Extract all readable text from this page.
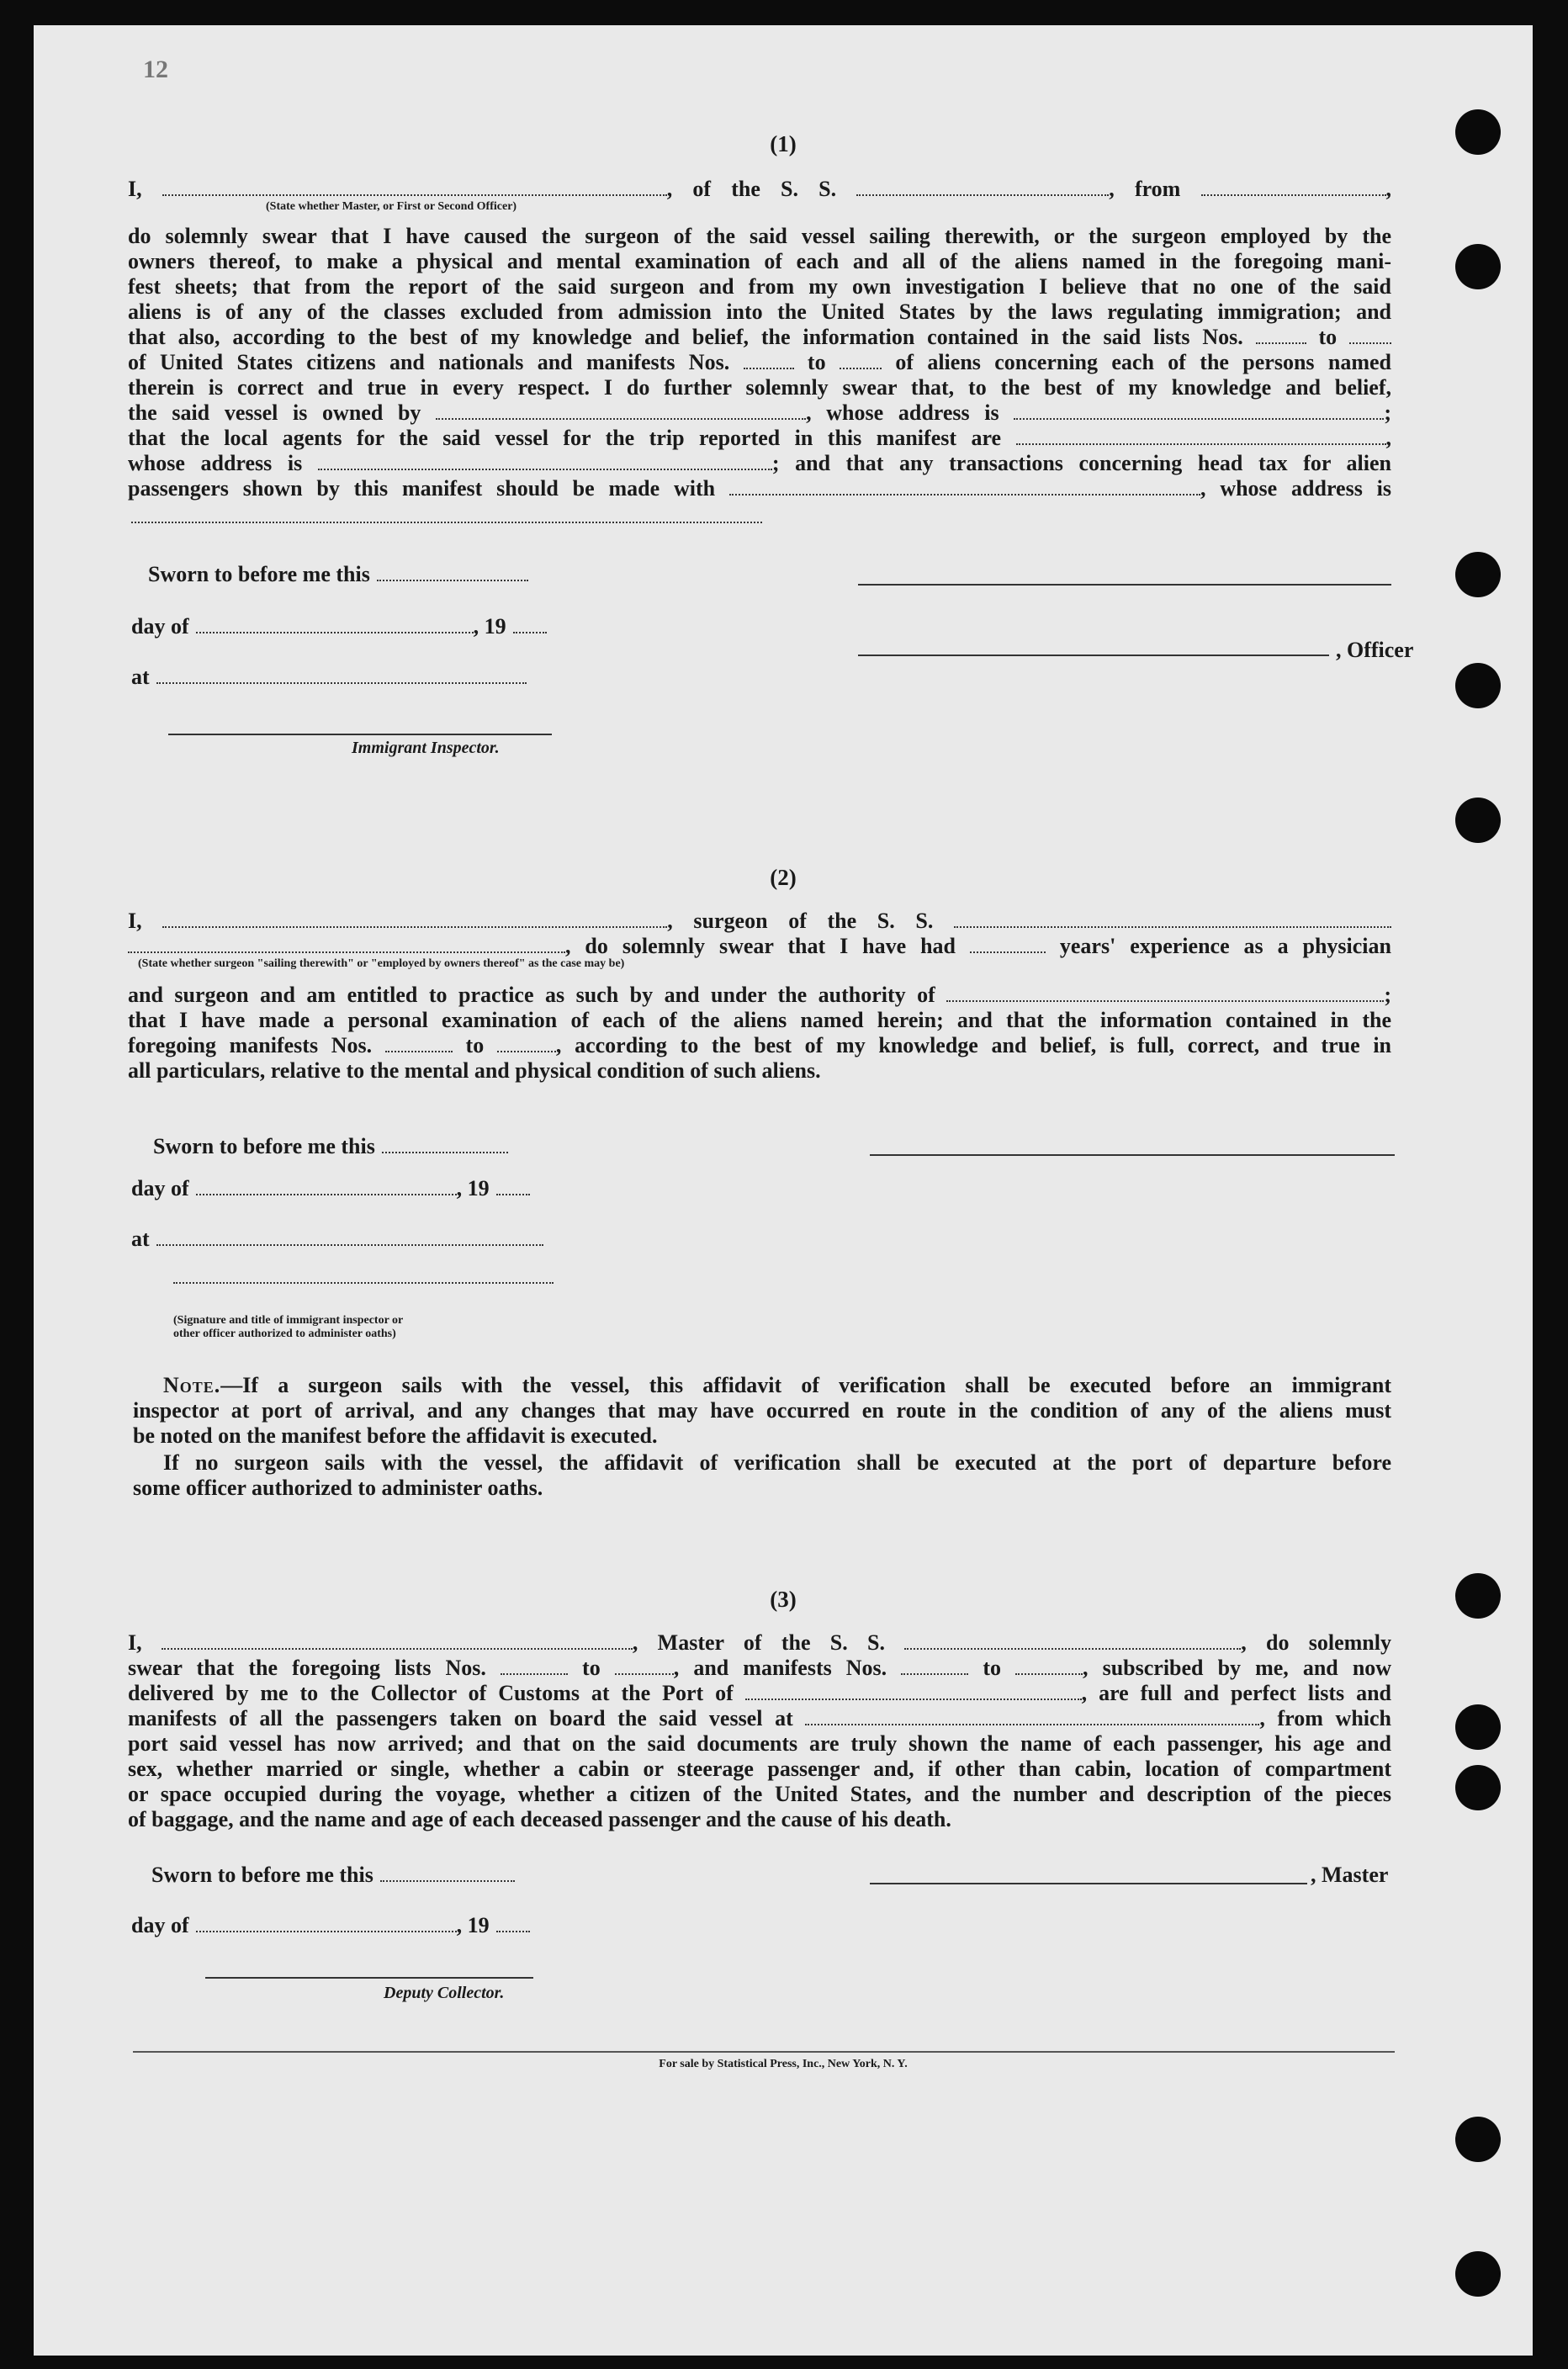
12
(1)
I,	, of the S. S.	, from	,
(State whether Master, or First or Second Officer)
do solemnly swear that I have caused the surgeon of the said vessel sailing therewith, or the surgeon employed by the
owners thereof, to make a physical and mental examination of each and all of the aliens named in the foregoing mani-
fest sheets; that from the report of the said surgeon and from my own investigation I believe that no one of the said
aliens is of any of the classes excluded from admission into the United States by the laws regulating immigration; and
that also, according to the best of my knowledge and belief, the information contained in the said lists Nos.	to
of United States citizens and nationals and manifests Nos.	to	of aliens concerning each of the persons named
therein is correct and true in every respect. I do further solemnly swear that, to the best of my knowledge and belief,
the said vessel is owned by	, whose address is	;
that the local agents for the said vessel for the trip reported in this manifest are	,
whose address is	; and that any transactions concerning head tax for alien
passengers shown by this manifest should be made with	, whose address is
Sworn to before me this
day of	, 19
, Officer
at
Immigrant Inspector.
(2)
I,	, surgeon of the S. S.
, do solemnly swear that I have had	years' experience as a physician
(State whether surgeon "sailing therewith" or "employed by owners thereof" as the case may be)
and surgeon and am entitled to practice as such by and under the authority of	;
that I have made a personal examination of each of the aliens named herein; and that the information contained in the
foregoing manifests Nos.	to	, according to the best of my knowledge and belief, is full, correct, and true in
all particulars, relative to the mental and physical condition of such aliens.
Sworn to before me this
day of	, 19
at
(Signature and title of immigrant inspector or
other officer authorized to administer oaths)
Note.—If a surgeon sails with the vessel, this affidavit of verification shall be executed before an immigrant
inspector at port of arrival, and any changes that may have occurred en route in the condition of any of the aliens must
be noted on the manifest before the affidavit is executed.
If no surgeon sails with the vessel, the affidavit of verification shall be executed at the port of departure before
some officer authorized to administer oaths.
(3)
I,	, Master of the S. S.	, do solemnly
swear that the foregoing lists Nos.	to	, and manifests Nos.	to	, subscribed by me, and now
delivered by me to the Collector of Customs at the Port of	, are full and perfect lists and
manifests of all the passengers taken on board the said vessel at	, from which
port said vessel has now arrived; and that on the said documents are truly shown the name of each passenger, his age and
sex, whether married or single, whether a cabin or steerage passenger and, if other than cabin, location of compartment
or space occupied during the voyage, whether a citizen of the United States, and the number and description of the pieces
of baggage, and the name and age of each deceased passenger and the cause of his death.
Sworn to before me this	, Master
day of	, 19
Deputy Collector.
For sale by Statistical Press, Inc., New York, N. Y.
